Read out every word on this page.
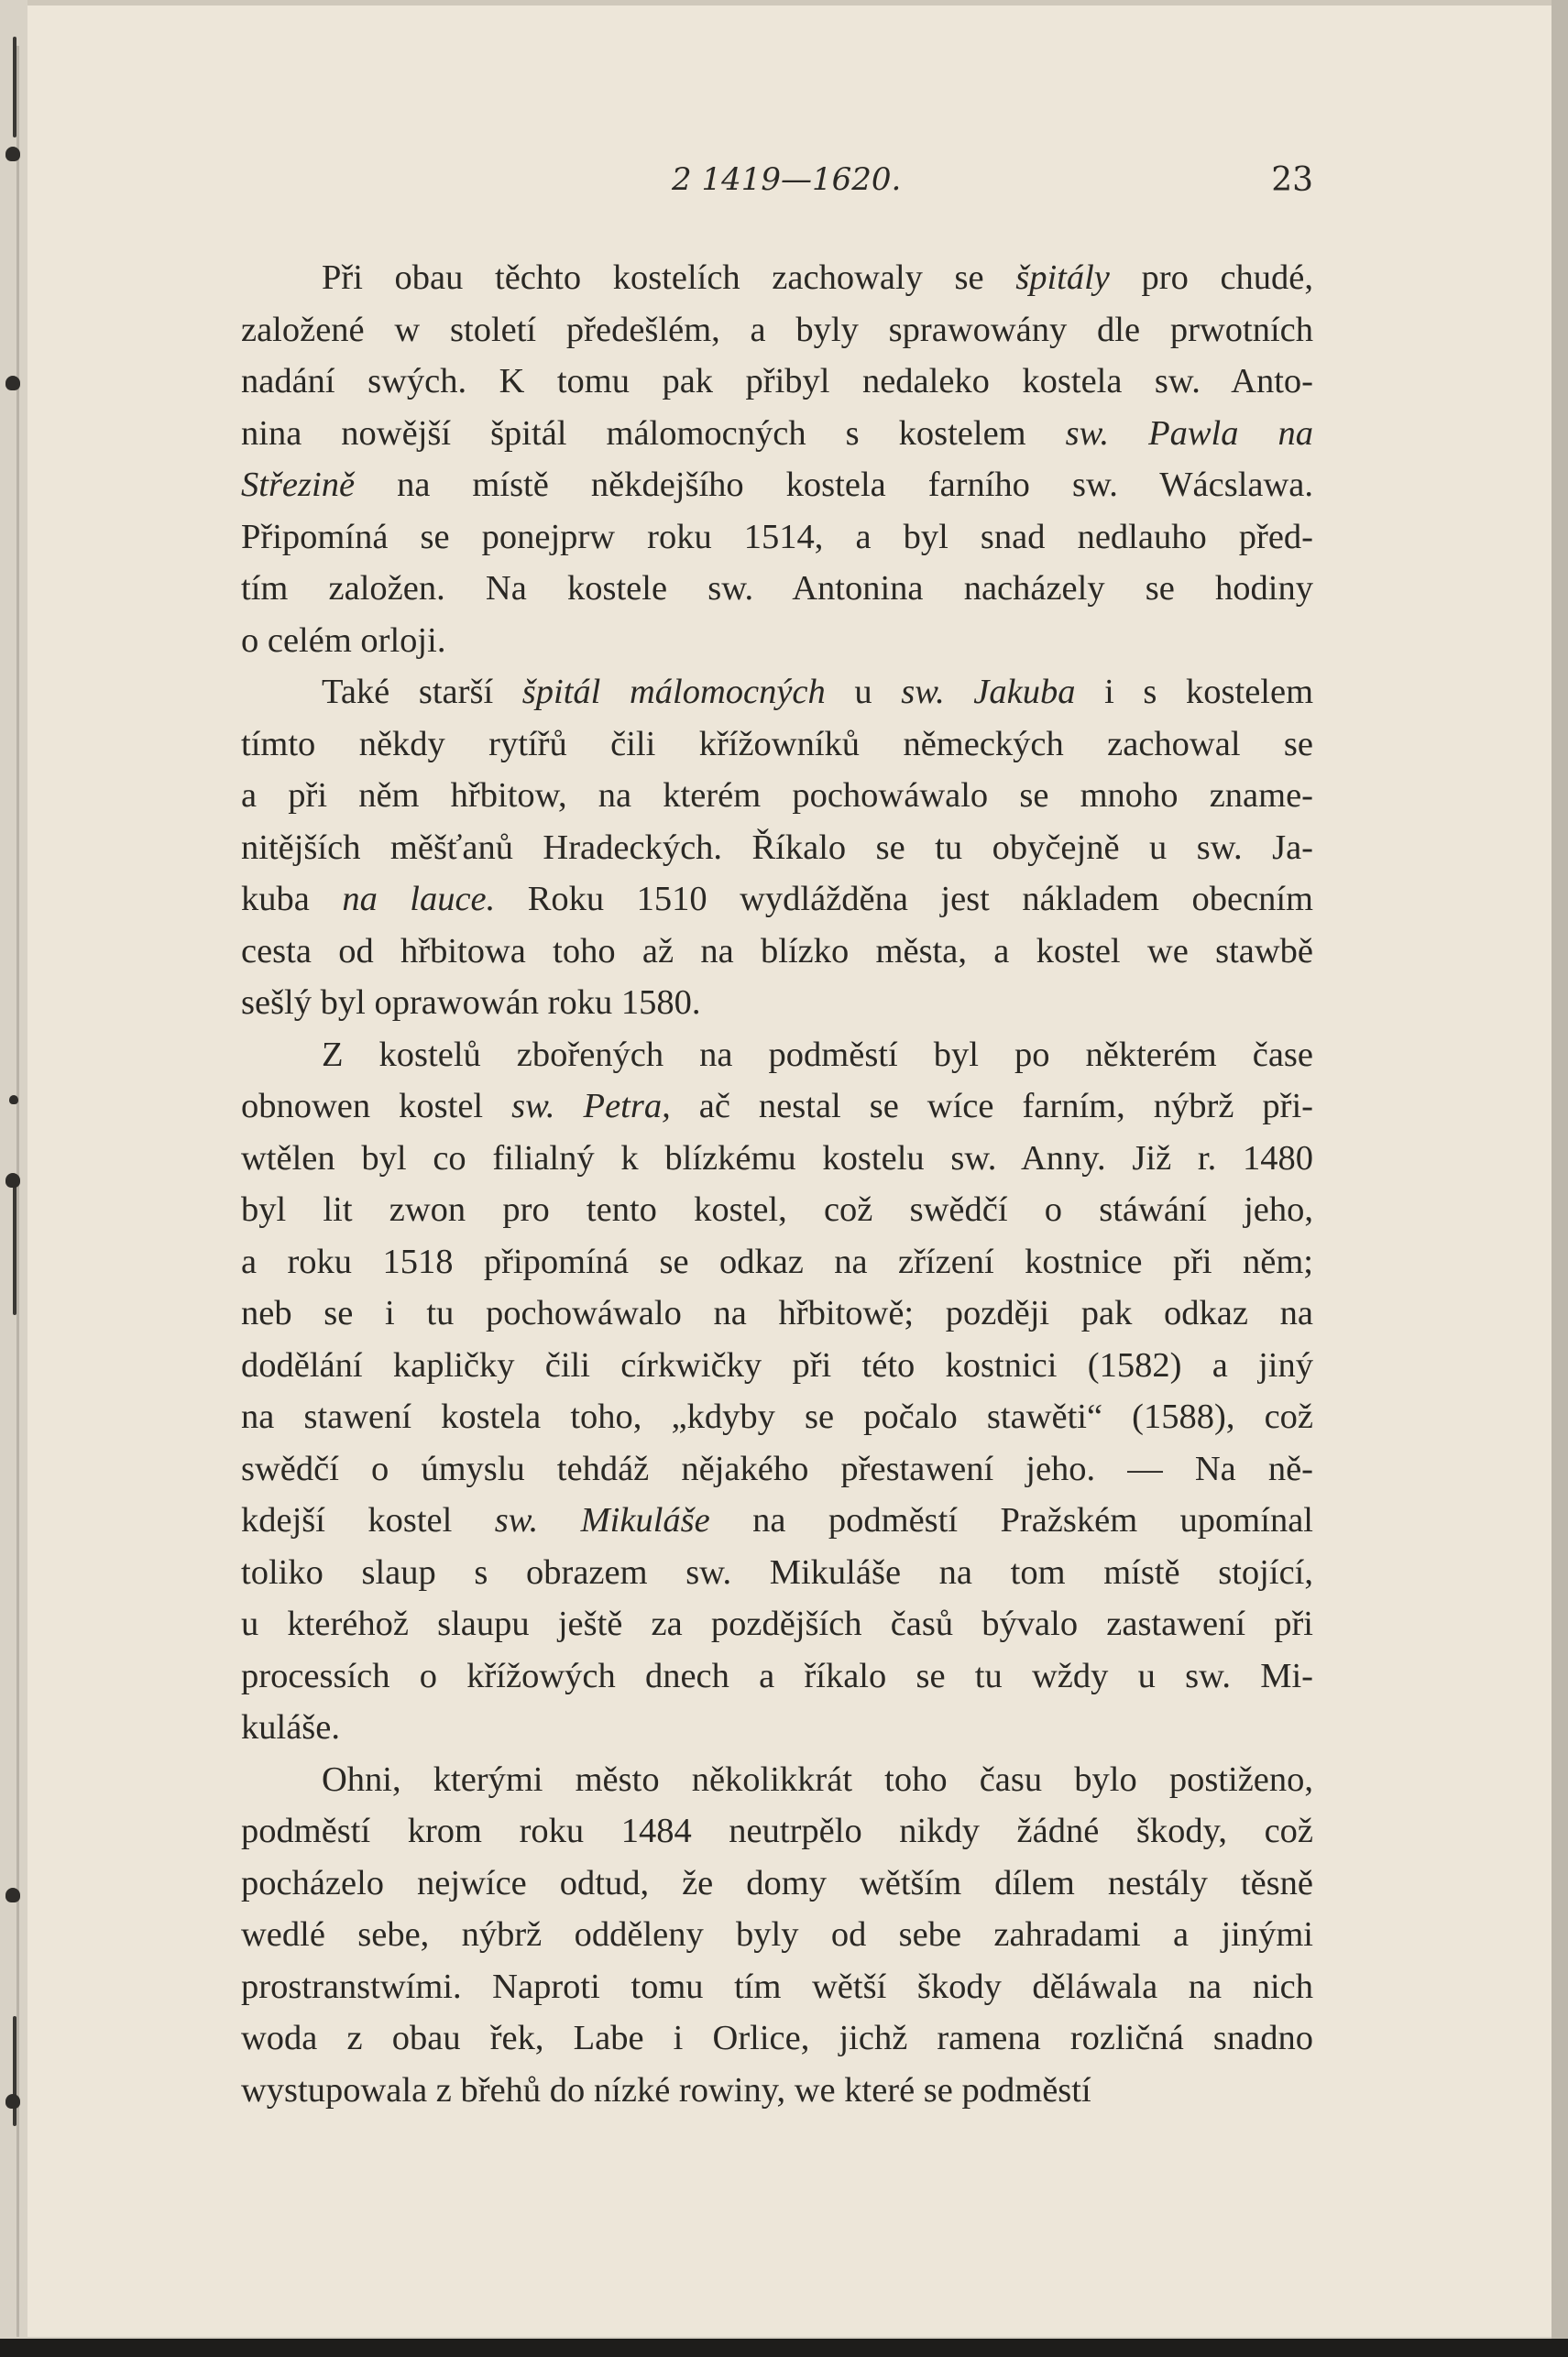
2 1419—1620.	23
Při obau těchto kostelích zachowaly se špitály pro chudé,
založené w století předešlém, a byly sprawowány dle prwotních
nadání swých. K tomu pak přibyl nedaleko kostela sw. Anto-
nina nowější špitál málomocných s kostelem sw. Pawla na
Střezině na místě někdejšího kostela farního sw. Wácslawa.
Připomíná se ponejprw roku 1514, a byl snad nedlauho před-
tím založen. Na kostele sw. Antonina nacházely se hodiny
o celém orloji.
Také starší špitál málomocných u sw. Jakuba i s kostelem
tímto někdy rytířů čili křížowníků německých zachowal se
a při něm hřbitow, na kterém pochowáwalo se mnoho zname-
nitějších měšťanů Hradeckých. Říkalo se tu obyčejně u sw. Ja-
kuba na lauce. Roku 1510 wydlážděna jest nákladem obecním
cesta od hřbitowa toho až na blízko města, a kostel we stawbě
sešlý byl oprawowán roku 1580.
Z kostelů zbořených na podměstí byl po některém čase
obnowen kostel sw. Petra, ač nestal se wíce farním, nýbrž při-
wtělen byl co filialný k blízkému kostelu sw. Anny. Již r. 1480
byl lit zwon pro tento kostel, což swědčí o stáwání jeho,
a roku 1518 připomíná se odkaz na zřízení kostnice při něm;
neb se i tu pochowáwalo na hřbitowě; později pak odkaz na
dodělání kapličky čili církwičky při této kostnici (1582) a jiný
na stawení kostela toho, „kdyby se počalo stawěti“ (1588), což
swědčí o úmyslu tehdáž nějakého přestawení jeho. — Na ně-
kdejší kostel sw. Mikuláše na podměstí Pražském upomínal
toliko slaup s obrazem sw. Mikuláše na tom místě stojící,
u kteréhož slaupu ještě za pozdějších časů bývalo zastawení při
processích o křížowých dnech a říkalo se tu wždy u sw. Mi-
kuláše.
Ohni, kterými město několikkrát toho času bylo postiženo,
podměstí krom roku 1484 neutrpělo nikdy žádné škody, což
pocházelo nejwíce odtud, že domy wětším dílem nestály těsně
wedlé sebe, nýbrž odděleny byly od sebe zahradami a jinými
prostranstwími. Naproti tomu tím wětší škody děláwala na nich
woda z obau řek, Labe i Orlice, jichž ramena rozličná snadno
wystupowala z břehů do nízké rowiny, we které se podměstí
